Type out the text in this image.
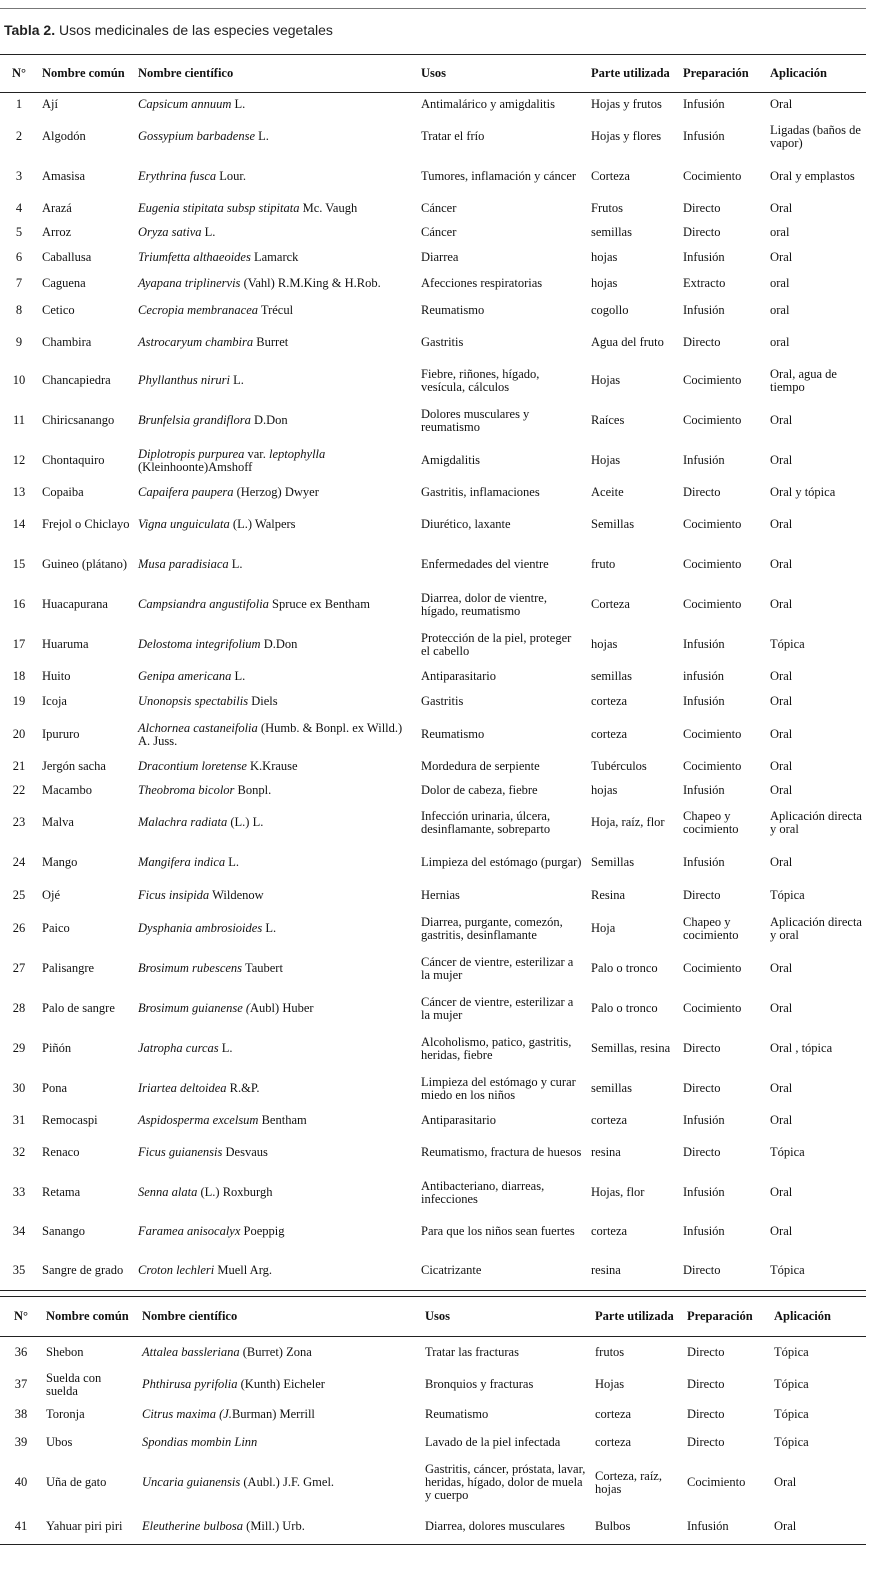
Tabla 2. Usos medicinales de las especies vegetales
N°	Nombre común	Nombre científico	Usos	Parte utilizada	Preparación	Aplicación
1	Ají	Capsicum annuum L.	Antimalárico y amigdalitis	Hojas y frutos	Infusión	Oral
2	Algodón	Gossypium barbadense L.	Tratar el frío	Hojas y flores	Infusión	Ligadas (baños de vapor)
3	Amasisa	Erythrina fusca Lour.	Tumores, inflamación y cáncer	Corteza	Cocimiento	Oral y emplastos
4	Arazá	Eugenia stipitata subsp stipitata Mc. Vaugh	Cáncer	Frutos	Directo	Oral
5	Arroz	Oryza sativa L.	Cáncer	semillas	Directo	oral
6	Caballusa	Triumfetta althaeoides Lamarck	Diarrea	hojas	Infusión	Oral
7	Caguena	Ayapana triplinervis (Vahl) R.M.King & H.Rob.	Afecciones respiratorias	hojas	Extracto	oral
8	Cetico	Cecropia membranacea Trécul	Reumatismo	cogollo	Infusión	oral
9	Chambira	Astrocaryum chambira Burret	Gastritis	Agua del fruto	Directo	oral
10	Chancapiedra	Phyllanthus niruri L.	Fiebre, riñones, hígado, vesícula, cálculos	Hojas	Cocimiento	Oral, agua de tiempo
11	Chiricsanango	Brunfelsia grandiflora D.Don	Dolores musculares y reumatismo	Raíces	Cocimiento	Oral
12	Chontaquiro	Diplotropis purpurea var. leptophylla (Kleinhoonte)Amshoff	Amigdalitis	Hojas	Infusión	Oral
13	Copaiba	Capaifera paupera (Herzog) Dwyer	Gastritis, inflamaciones	Aceite	Directo	Oral y tópica
14	Frejol o Chiclayo	Vigna unguiculata (L.) Walpers	Diurético, laxante	Semillas	Cocimiento	Oral
15	Guineo (plátano)	Musa paradisiaca L.	Enfermedades del vientre	fruto	Cocimiento	Oral
16	Huacapurana	Campsiandra angustifolia Spruce ex Bentham	Diarrea, dolor de vientre, hígado, reumatismo	Corteza	Cocimiento	Oral
17	Huaruma	Delostoma integrifolium D.Don	Protección de la piel, proteger el cabello	hojas	Infusión	Tópica
18	Huito	Genipa americana L.	Antiparasitario	semillas	infusión	Oral
19	Icoja	Unonopsis spectabilis Diels	Gastritis	corteza	Infusión	Oral
20	Ipururo	Alchornea castaneifolia (Humb. & Bonpl. ex Willd.) A. Juss.	Reumatismo	corteza	Cocimiento	Oral
21	Jergón sacha	Dracontium loretense K.Krause	Mordedura de serpiente	Tubérculos	Cocimiento	Oral
22	Macambo	Theobroma bicolor Bonpl.	Dolor de cabeza, fiebre	hojas	Infusión	Oral
23	Malva	Malachra radiata (L.) L.	Infección urinaria, úlcera, desinflamante, sobreparto	Hoja, raíz, flor	Chapeo y cocimiento	Aplicación directa y oral
24	Mango	Mangifera indica L.	Limpieza del estómago (purgar)	Semillas	Infusión	Oral
25	Ojé	Ficus insipida Wildenow	Hernias	Resina	Directo	Tópica
26	Paico	Dysphania ambrosioides L.	Diarrea, purgante, comezón, gastritis, desinflamante	Hoja	Chapeo y cocimiento	Aplicación directa y oral
27	Palisangre	Brosimum rubescens Taubert	Cáncer de vientre, esterilizar a la mujer	Palo o tronco	Cocimiento	Oral
28	Palo de sangre	Brosimum guianense (Aubl) Huber	Cáncer de vientre, esterilizar a la mujer	Palo o tronco	Cocimiento	Oral
29	Piñón	Jatropha curcas L.	Alcoholismo, patico, gastritis, heridas, fiebre	Semillas, resina	Directo	Oral , tópica
30	Pona	Iriartea deltoidea R.&P.	Limpieza del estómago y curar miedo en los niños	semillas	Directo	Oral
31	Remocaspi	Aspidosperma excelsum Bentham	Antiparasitario	corteza	Infusión	Oral
32	Renaco	Ficus guianensis Desvaus	Reumatismo, fractura de huesos	resina	Directo	Tópica
33	Retama	Senna alata (L.) Roxburgh	Antibacteriano, diarreas, infecciones	Hojas, flor	Infusión	Oral
34	Sanango	Faramea anisocalyx Poeppig	Para que los niños sean fuertes	corteza	Infusión	Oral
35	Sangre de grado	Croton lechleri Muell Arg.	Cicatrizante	resina	Directo	Tópica
N°	Nombre común	Nombre científico	Usos	Parte utilizada	Preparación	Aplicación
36	Shebon	Attalea bassleriana (Burret) Zona	Tratar las fracturas	frutos	Directo	Tópica
37	Suelda con suelda	Phthirusa pyrifolia (Kunth) Eicheler	Bronquios y fracturas	Hojas	Directo	Tópica
38	Toronja	Citrus maxima (J.Burman) Merrill	Reumatismo	corteza	Directo	Tópica
39	Ubos	Spondias mombin Linn	Lavado de la piel infectada	corteza	Directo	Tópica
40	Uña de gato	Uncaria guianensis (Aubl.) J.F. Gmel.	Gastritis, cáncer, próstata, lavar, heridas, hígado, dolor de muela y cuerpo	Corteza, raíz, hojas	Cocimiento	Oral
41	Yahuar piri piri	Eleutherine bulbosa (Mill.) Urb.	Diarrea, dolores musculares	Bulbos	Infusión	Oral
